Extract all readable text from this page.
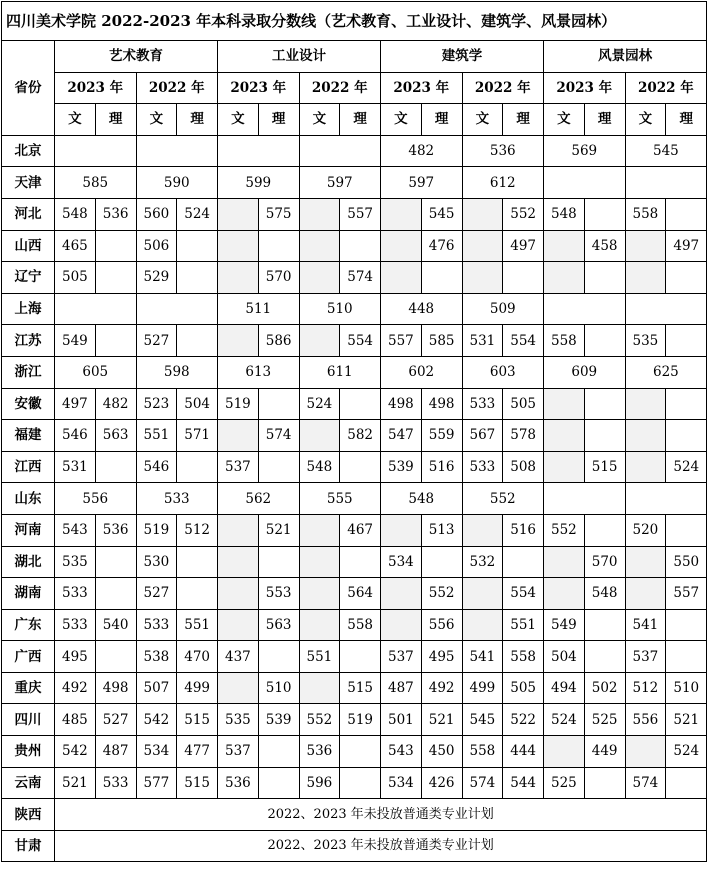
四川美术学院 2022-2023 年本科录取分数线（艺术教育、工业设计、建筑学、风景园林）																
省份	艺术教育				工业设计				建筑学				风景园林			
	2023 年		2022 年		2023 年		2022 年		2023 年		2022 年		2023 年		2022 年	
	文	理	文	理	文	理	文	理	文	理	文	理	文	理	文	理
北京									482		536		569		545	
天津	585		590		599		597		597		612					
河北	548	536	560	524		575		557		545		552	548		558	
山西	465		506							476		497		458		497
辽宁	505		529			570		574								
上海					511		510		448		509					
江苏	549		527			586		554	557	585	531	554	558		535	
浙江	605		598		613		611		602		603		609		625	
安徽	497	482	523	504	519		524		498	498	533	505				
福建	546	563	551	571		574		582	547	559	567	578				
江西	531		546		537		548		539	516	533	508		515		524
山东	556		533		562		555		548		552					
河南	543	536	519	512		521		467		513		516	552		520	
湖北	535		530						534		532			570		550
湖南	533		527			553		564		552		554		548		557
广东	533	540	533	551		563		558		556		551	549		541	
广西	495		538	470	437		551		537	495	541	558	504		537	
重庆	492	498	507	499		510		515	487	492	499	505	494	502	512	510
四川	485	527	542	515	535	539	552	519	501	521	545	522	524	525	556	521
贵州	542	487	534	477	537		536		543	450	558	444		449		524
云南	521	533	577	515	536		596		534	426	574	544	525		574	
陕西	2022、2023 年未投放普通类专业计划															
甘肃	2022、2023 年未投放普通类专业计划															
